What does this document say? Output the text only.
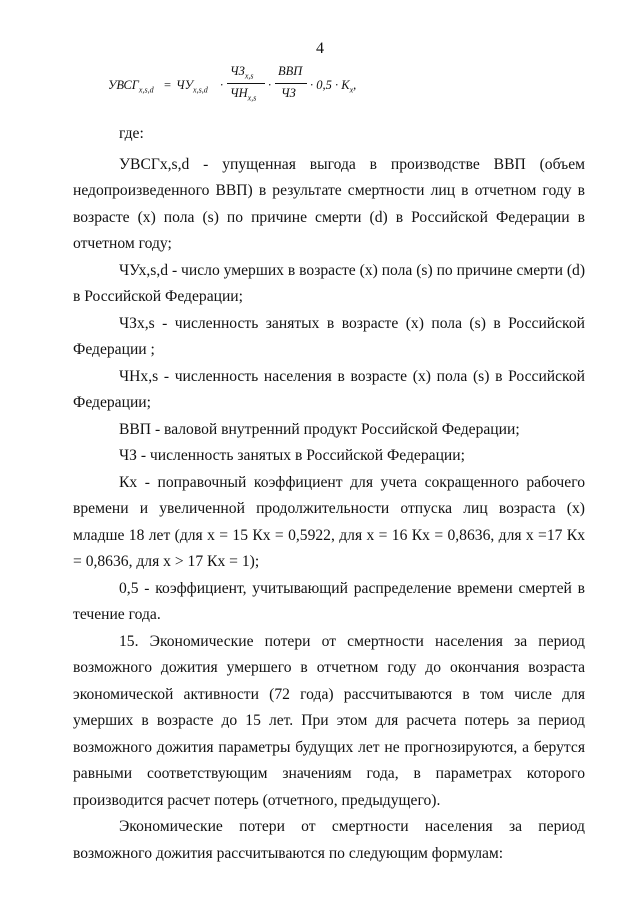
4
$УВСГ_{x,s,d} = ЧУ_{x,s,d}$ ·
$ЧЗ_{x,s}$
$ЧН_{x,s}$
·
ВВП
ЧЗ
· $0,5 \cdot K_x$,

где:

УВСГх,s,d - упущенная выгода в производстве ВВП (объем недопроизведенного ВВП) в результате смертности лиц в отчетном году в возрасте (x) пола (s) по причине смерти (d) в Российской Федерации в отчетном году;

ЧУх,s,d - число умерших в возрасте (x) пола (s) по причине смерти (d) в Российской Федерации;

ЧЗх,s - численность занятых в возрасте (x) пола (s) в Российской Федерации ;

ЧНх,s - численность населения в возрасте (x) пола (s) в Российской Федерации;

ВВП - валовой внутренний продукт Российской Федерации;

ЧЗ - численность занятых в Российской Федерации;

Кх - поправочный коэффициент для учета сокращенного рабочего времени и увеличенной продолжительности отпуска лиц возраста (x) младше 18 лет (для x = 15 Кх = 0,5922, для x = 16 Кх = 0,8636, для x =17 Кх = 0,8636, для x > 17 Кх = 1);

0,5 - коэффициент, учитывающий распределение времени смертей в течение года.

15. Экономические потери от смертности населения за период возможного дожития умершего в отчетном году до окончания возраста экономической активности (72 года) рассчитываются в том числе для умерших в возрасте до 15 лет. При этом для расчета потерь за период возможного дожития параметры будущих лет не прогнозируются, а берутся равными соответствующим значениям года, в параметрах которого производится расчет потерь (отчетного, предыдущего).

Экономические потери от смертности населения за период возможного дожития рассчитываются по следующим формулам:
